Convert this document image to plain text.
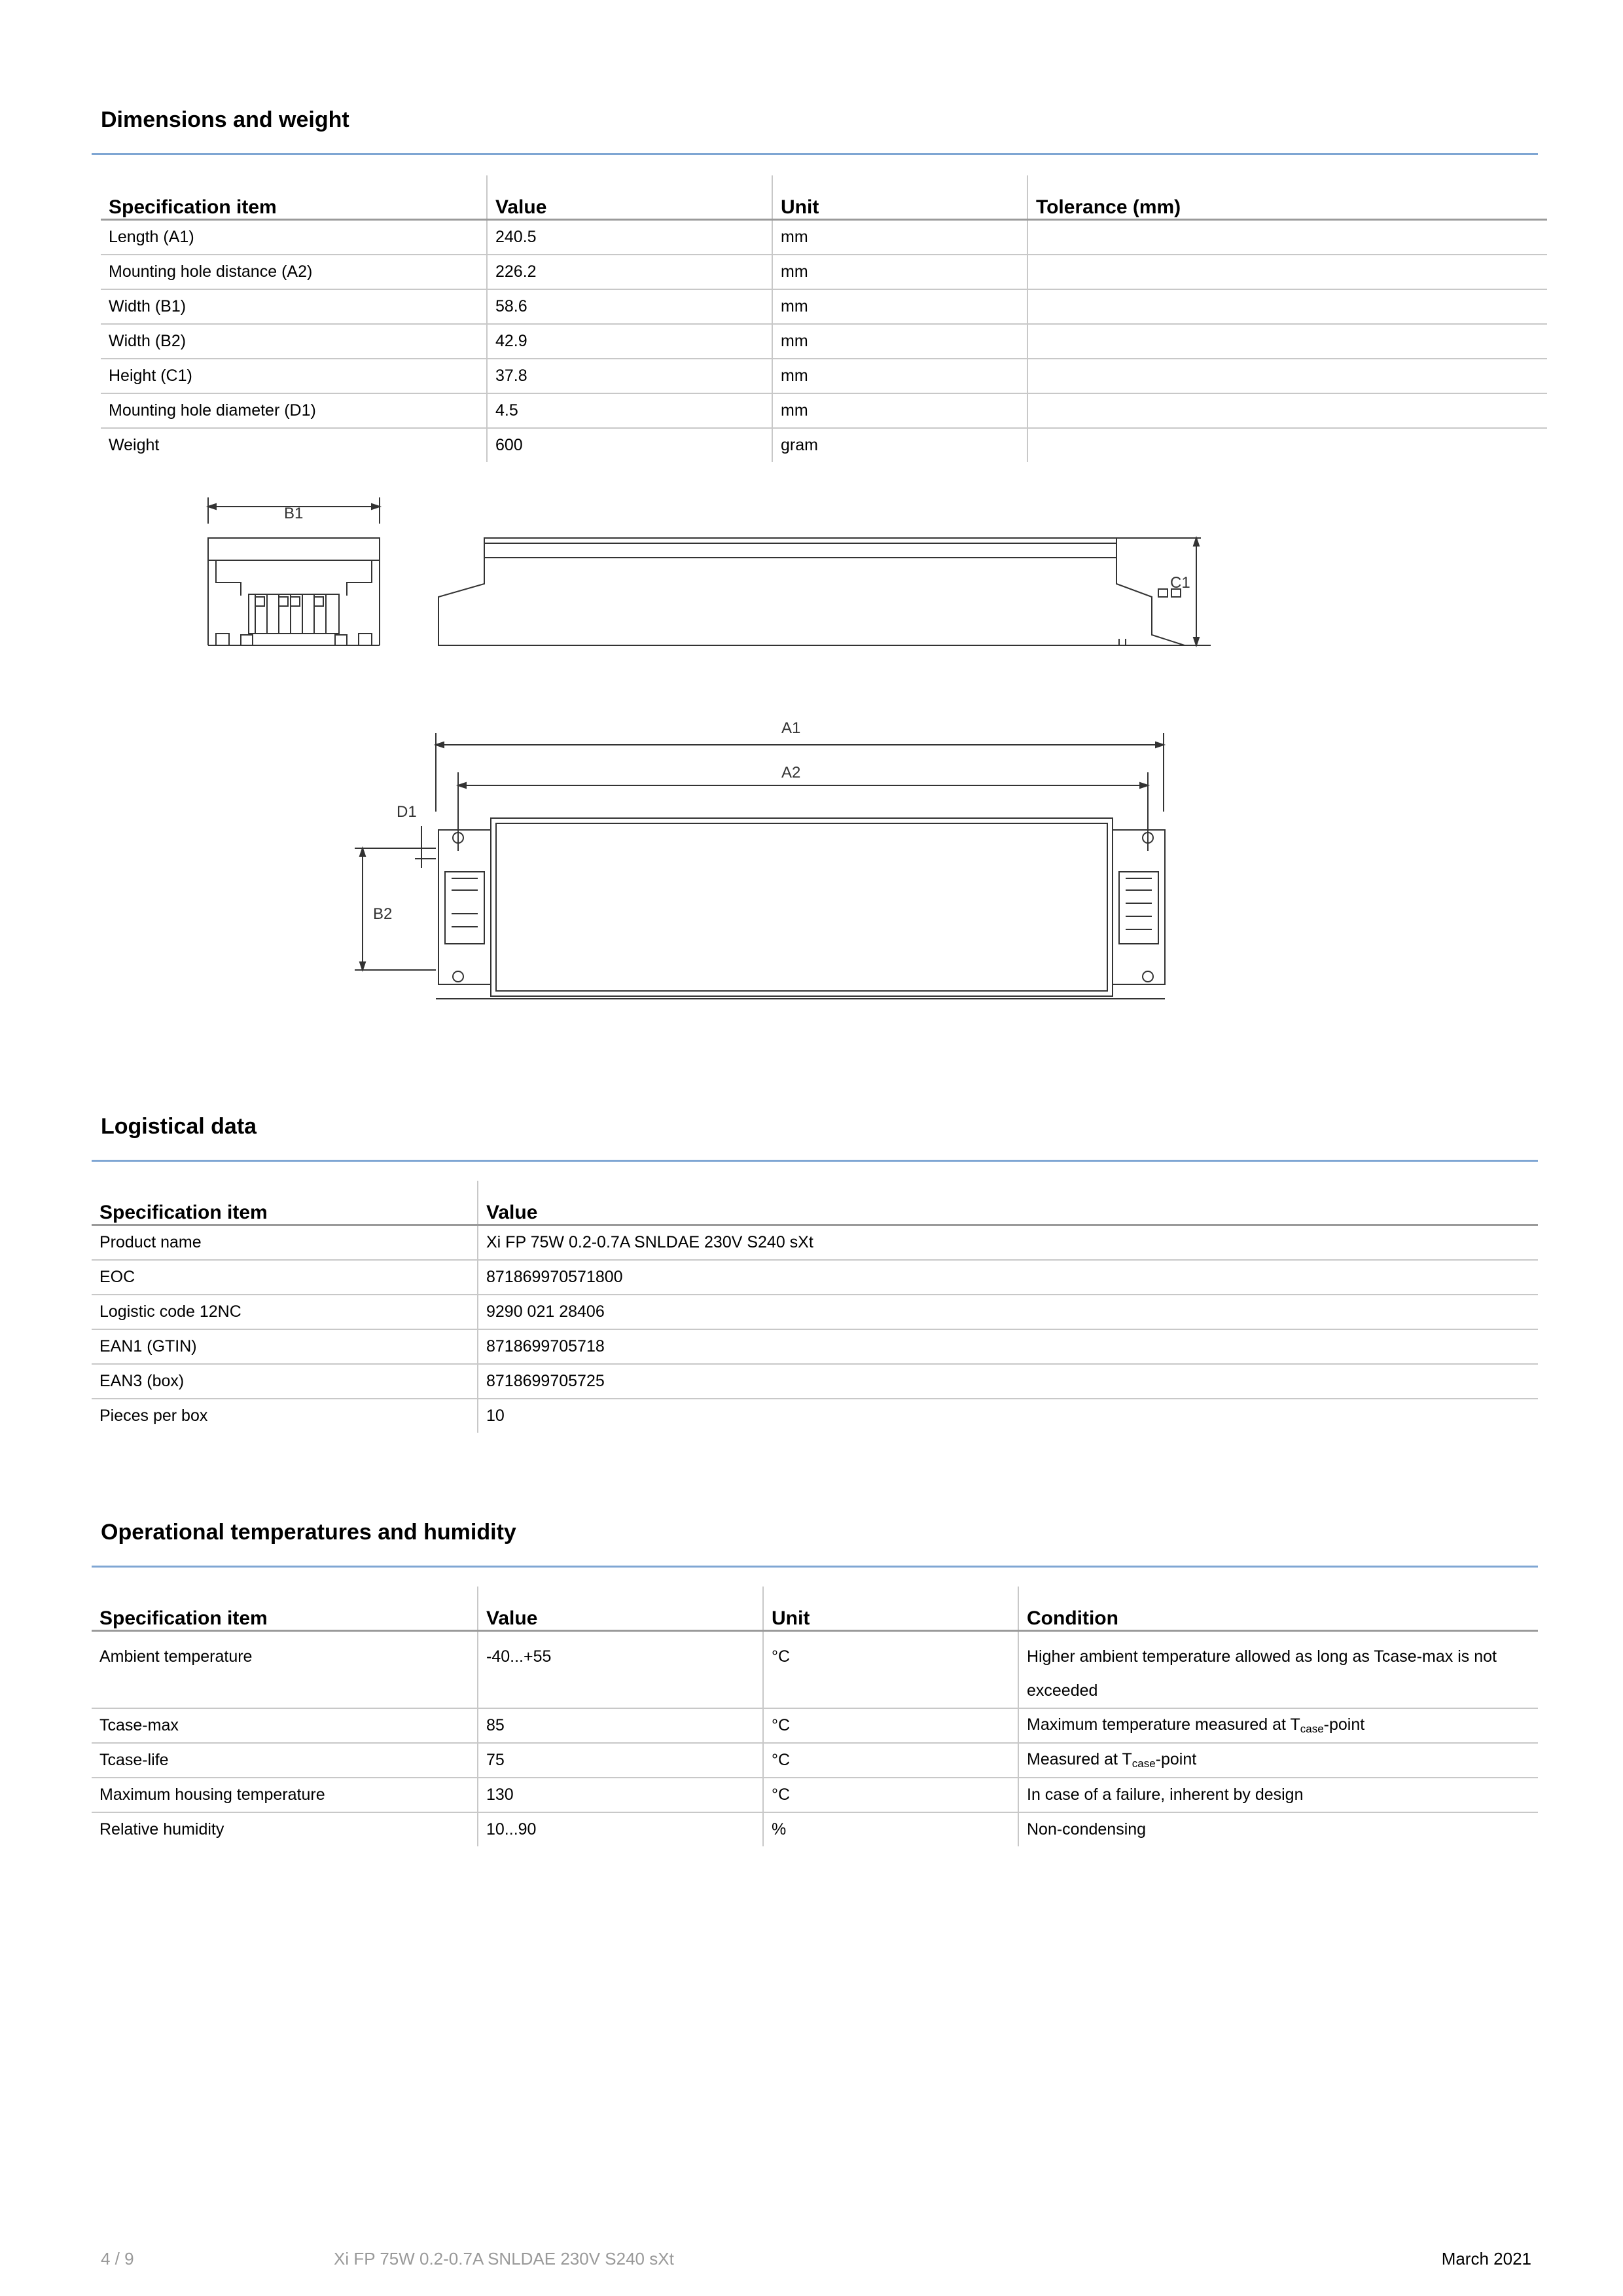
Dimensions and weight
Specification item	Value	Unit	Tolerance (mm)
Length (A1)	240.5	mm	
Mounting hole distance (A2)	226.2	mm	
Width (B1)	58.6	mm	
Width (B2)	42.9	mm	
Height (C1)	37.8	mm	
Mounting hole diameter (D1)	4.5	mm	
Weight	600	gram	
B1
C1
A1
A2
D1
B2
Logistical data
Specification item	Value
Product name	Xi FP 75W 0.2-0.7A SNLDAE 230V S240 sXt
EOC	871869970571800
Logistic code 12NC	9290 021 28406
EAN1 (GTIN)	8718699705718
EAN3 (box)	8718699705725
Pieces per box	10
Operational temperatures and humidity
Specification item	Value	Unit	Condition
Ambient temperature	-40...+55	°C	Higher ambient temperature allowed as long as Tcase-max is not exceeded
Tcase-max	85	°C	Maximum temperature measured at $T_{case}$-point
Tcase-life	75	°C	Measured at $T_{case}$-point
Maximum housing temperature	130	°C	In case of a failure, inherent by design
Relative humidity	10...90	%	Non-condensing
4 / 9	Xi FP 75W 0.2-0.7A SNLDAE 230V S240 sXt	March 2021
